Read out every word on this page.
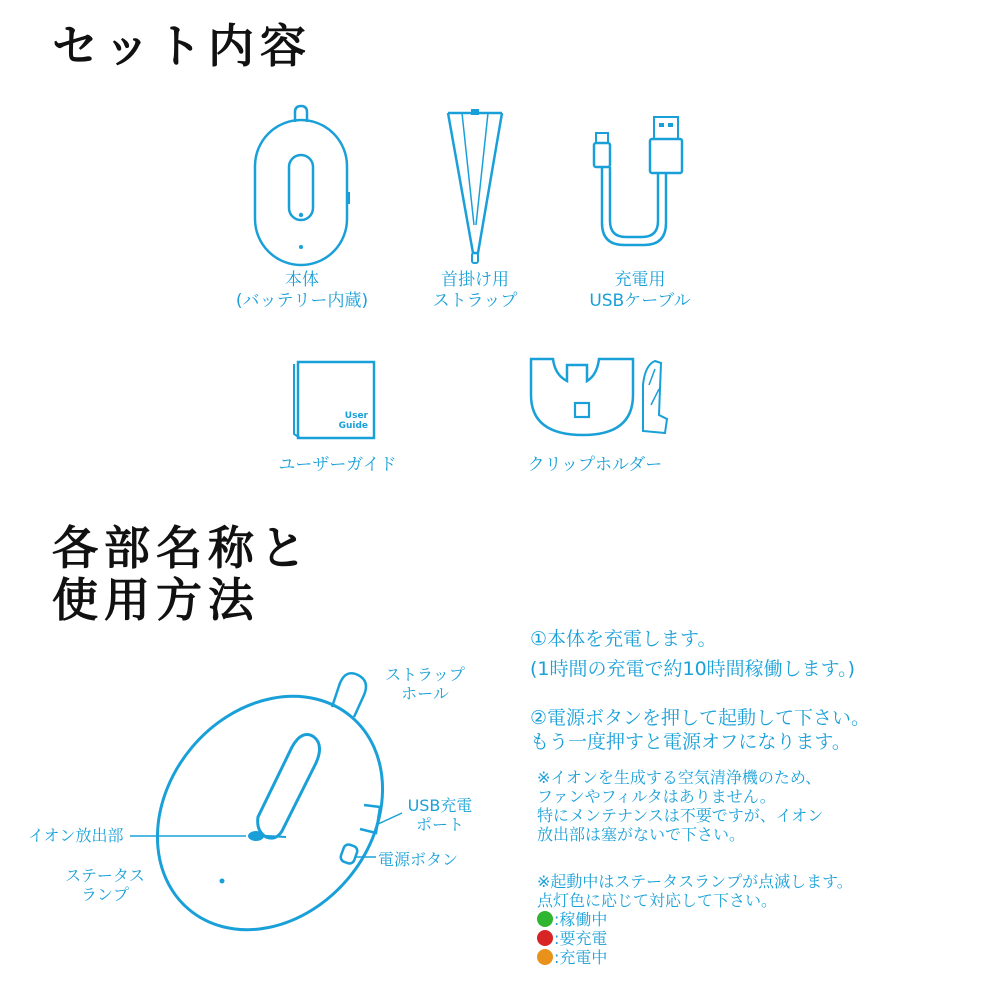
セット内容
本体
(バッテリー内蔵)
首掛け用
ストラップ
充電用
USBケーブル
User
Guide
ユーザーガイド	クリップホルダー
各部名称と
使用方法
ストラップ
ホール
USB充電
ポート
イオン放出部
電源ボタン
ステータス
ランプ
①本体を充電します。
(1時間の充電で約10時間稼働します。)
②電源ボタンを押して起動して下さい。
もう一度押すと電源オフになります。
※イオンを生成する空気清浄機のため、
ファンやフィルタはありません。
特にメンテナンスは不要ですが、イオン
放出部は塞がないで下さい。
※起動中はステータスランプが点滅します。
点灯色に応じて対応して下さい。
:稼働中
:要充電
:充電中
